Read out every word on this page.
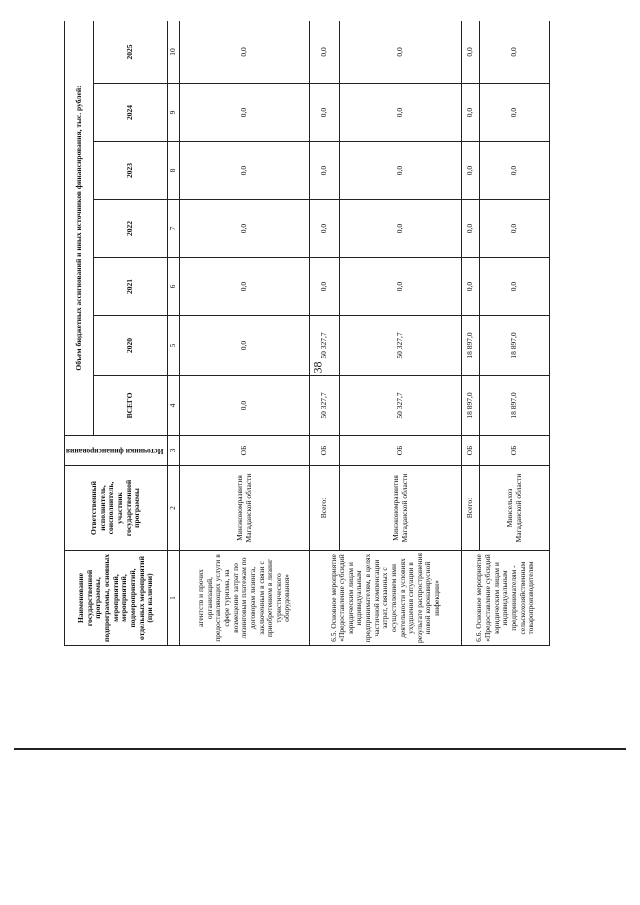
38
Наименование государственной программы, подпрограммы, основных мероприятий, мероприятий, подмероприятий, отдельных мероприятий (при наличии)	Ответственный исполнитель, соисполнитель, участник государственной программы	Источники финансирования	Объем бюджетных ассигнований и иных источников финансирования, тыс. рублей:						
			ВСЕГО	2020	2021	2022	2023	2024	2025
1	2	3	4	5	6	7	8	9	10
агентств и прочих организаций, предоставляющих услуги в сфере туризма, на возмещение затрат по лизинговым платежам по договорам лизинга, заключенным в связи с приобретением в лизинг туристического оборудования»	Минэкономразвития Магаданской области	ОБ	0,0	0,0	0,0	0,0	0,0	0,0	0,0
6.5. Основное мероприятие «Предоставление субсидий юридическим лицам и индивидуальным предпринимателям, в целях частичной компенсации затрат, связанных с осуществлением ими деятельности в условиях ухудшения ситуации в результате распространения новой коронавирусной инфекции»	Всего:	ОБ	50 327,7	50 327,7	0,0	0,0	0,0	0,0	0,0
	Минэкономразвития Магаданской области	ОБ	50 327,7	50 327,7	0,0	0,0	0,0	0,0	0,0
6.6. Основное мероприятие «Предоставление субсидий юридическим лицам и индивидуальным предпринимателям - сельскохозяйственным товаропроизводителям	Всего:	ОБ	18 897,0	18 897,0	0,0	0,0	0,0	0,0	0,0
	Минсельхоз Магаданской области	ОБ	18 897,0	18 897,0	0,0	0,0	0,0	0,0	0,0
